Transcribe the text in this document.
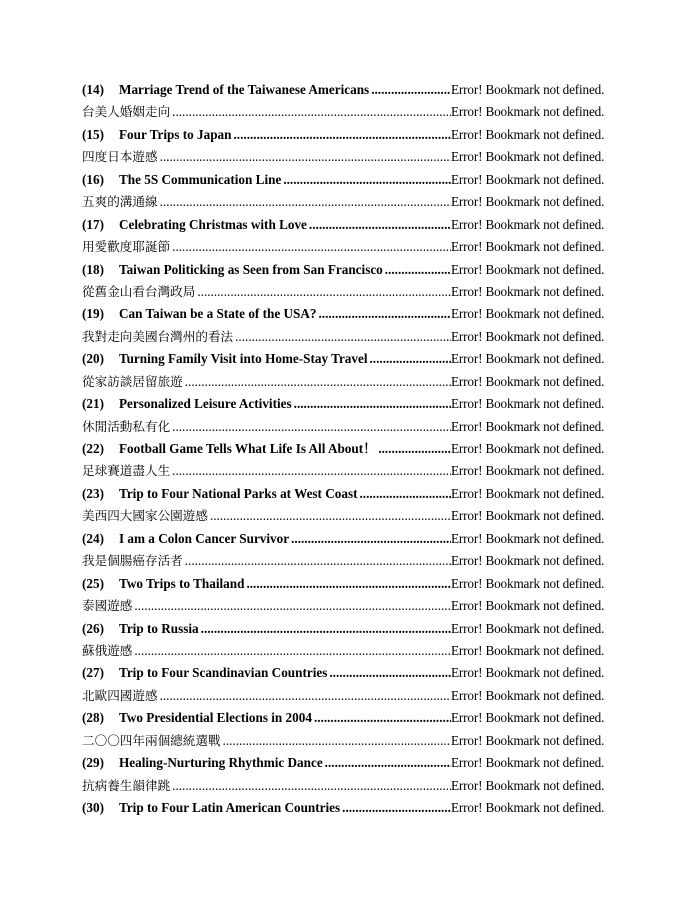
(14)	Marriage Trend of the Taiwanese Americans .....	Error! Bookmark not defined.
台美人婚姻走向 .....	Error! Bookmark not defined.
(15)	Four Trips to Japan .....	Error! Bookmark not defined.
四度日本遊感 .....	Error! Bookmark not defined.
(16)	The 5S Communication Line .....	Error! Bookmark not defined.
五爽的溝通線 .....	Error! Bookmark not defined.
(17)	Celebrating Christmas with Love .....	Error! Bookmark not defined.
用愛歡度耶誕節 .....	Error! Bookmark not defined.
(18)	Taiwan Politicking as Seen from San Francisco .....	Error! Bookmark not defined.
從舊金山看台灣政局 .....	Error! Bookmark not defined.
(19)	Can Taiwan be a State of the USA? .....	Error! Bookmark not defined.
我對走向美國台灣州的看法 .....	Error! Bookmark not defined.
(20)	Turning Family Visit into Home-Stay Travel .....	Error! Bookmark not defined.
從家訪談居留旅遊 .....	Error! Bookmark not defined.
(21)	Personalized Leisure Activities .....	Error! Bookmark not defined.
休閒活動私有化 .....	Error! Bookmark not defined.
(22)	Football Game Tells What Life Is All About！ .....	Error! Bookmark not defined.
足球賽道盡人生 .....	Error! Bookmark not defined.
(23)	Trip to Four National Parks at West Coast .....	Error! Bookmark not defined.
美西四大國家公園遊感 .....	Error! Bookmark not defined.
(24)	I am a Colon Cancer Survivor .....	Error! Bookmark not defined.
我是個腸癌存活者 .....	Error! Bookmark not defined.
(25)	Two Trips to Thailand .....	Error! Bookmark not defined.
泰國遊感 .....	Error! Bookmark not defined.
(26)	Trip to Russia .....	Error! Bookmark not defined.
蘇俄遊感 .....	Error! Bookmark not defined.
(27)	Trip to Four Scandinavian Countries .....	Error! Bookmark not defined.
北歐四國遊感 .....	Error! Bookmark not defined.
(28)	Two Presidential Elections in 2004 .....	Error! Bookmark not defined.
二〇〇四年兩個總統選戰 .....	Error! Bookmark not defined.
(29)	Healing-Nurturing Rhythmic Dance .....	Error! Bookmark not defined.
抗病養生韻律跳 .....	Error! Bookmark not defined.
(30)	Trip to Four Latin American Countries .....	Error! Bookmark not defined.
